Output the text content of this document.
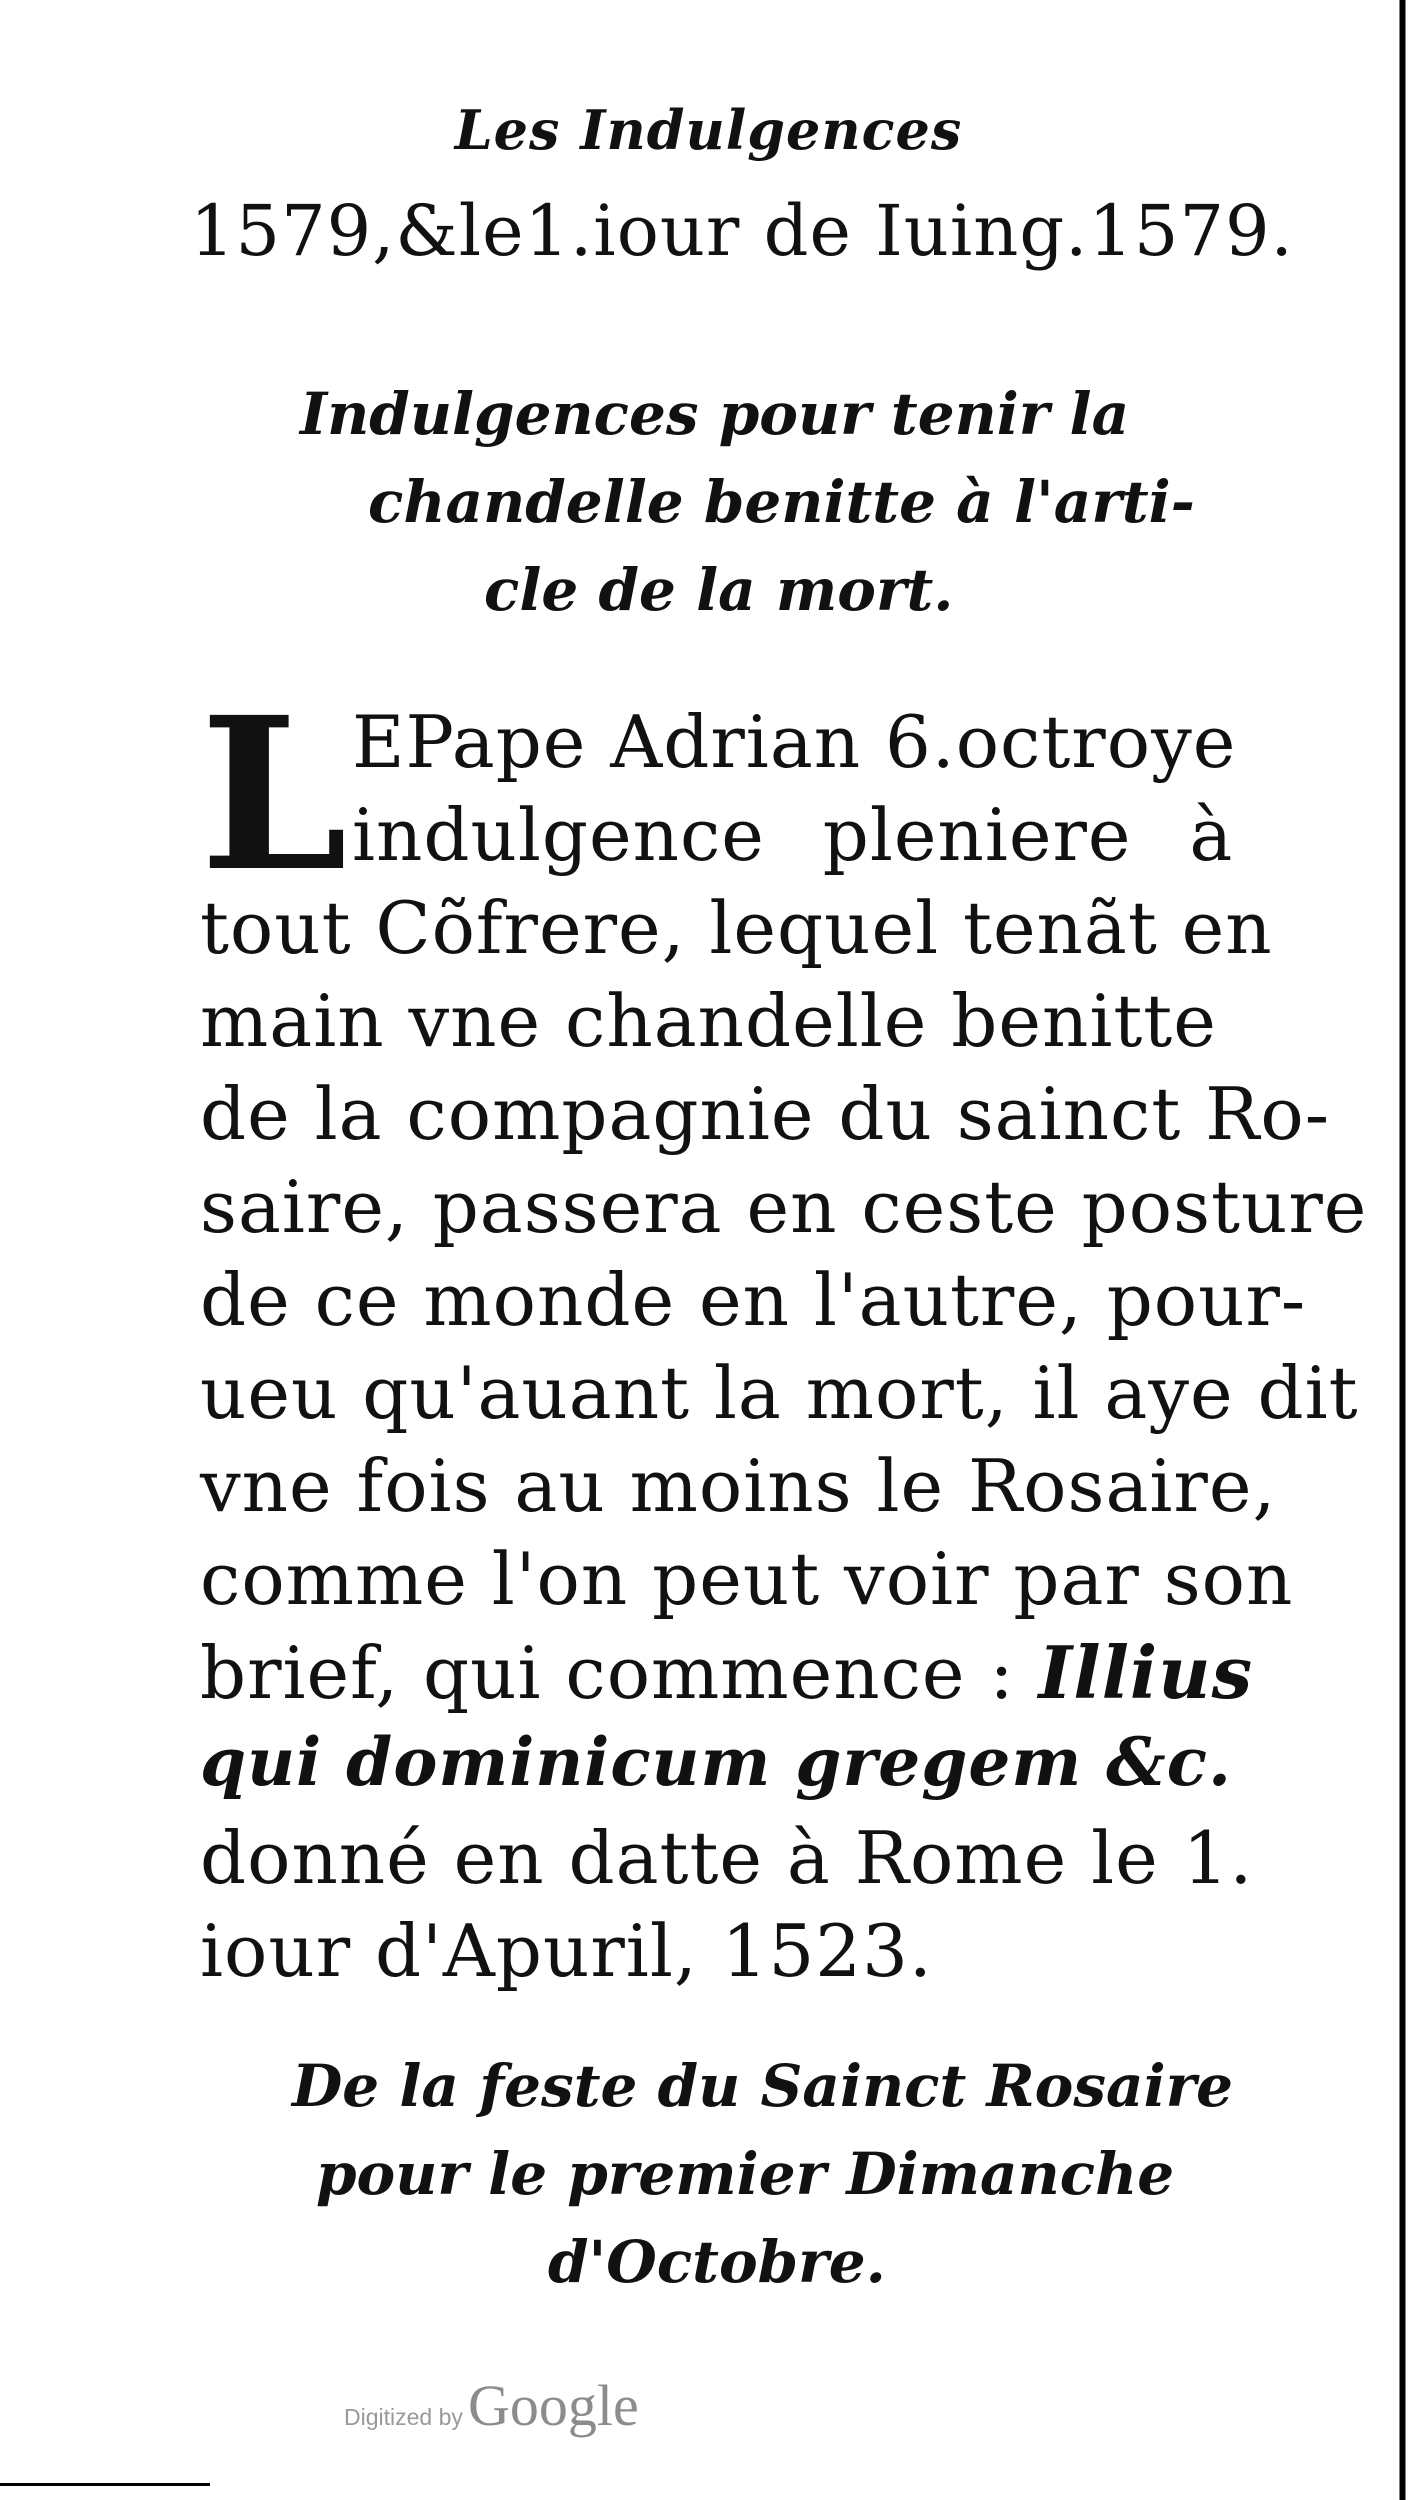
Les Indulgences
1579,&le1.iour de Iuing.1579.
Indulgences pour tenir la
chandelle benitte à l'arti-
cle de la mort.
L EPape Adrian 6.octroye
indulgence pleniere à
tout Cõfrere, lequel tenãt en
main vne chandelle benitte
de la compagnie du sainct Ro-
saire, passera en ceste posture
de ce monde en l'autre, pour-
ueu qu'auant la mort, il aye dit
vne fois au moins le Rosaire,
comme l'on peut voir par son
brief, qui commence : Illius
qui dominicum gregem &c.
donné en datte à Rome le 1.
iour d'Apuril, 1523.
De la feste du Sainct Rosaire
pour le premier Dimanche
d'Octobre.
Digitized by Google
